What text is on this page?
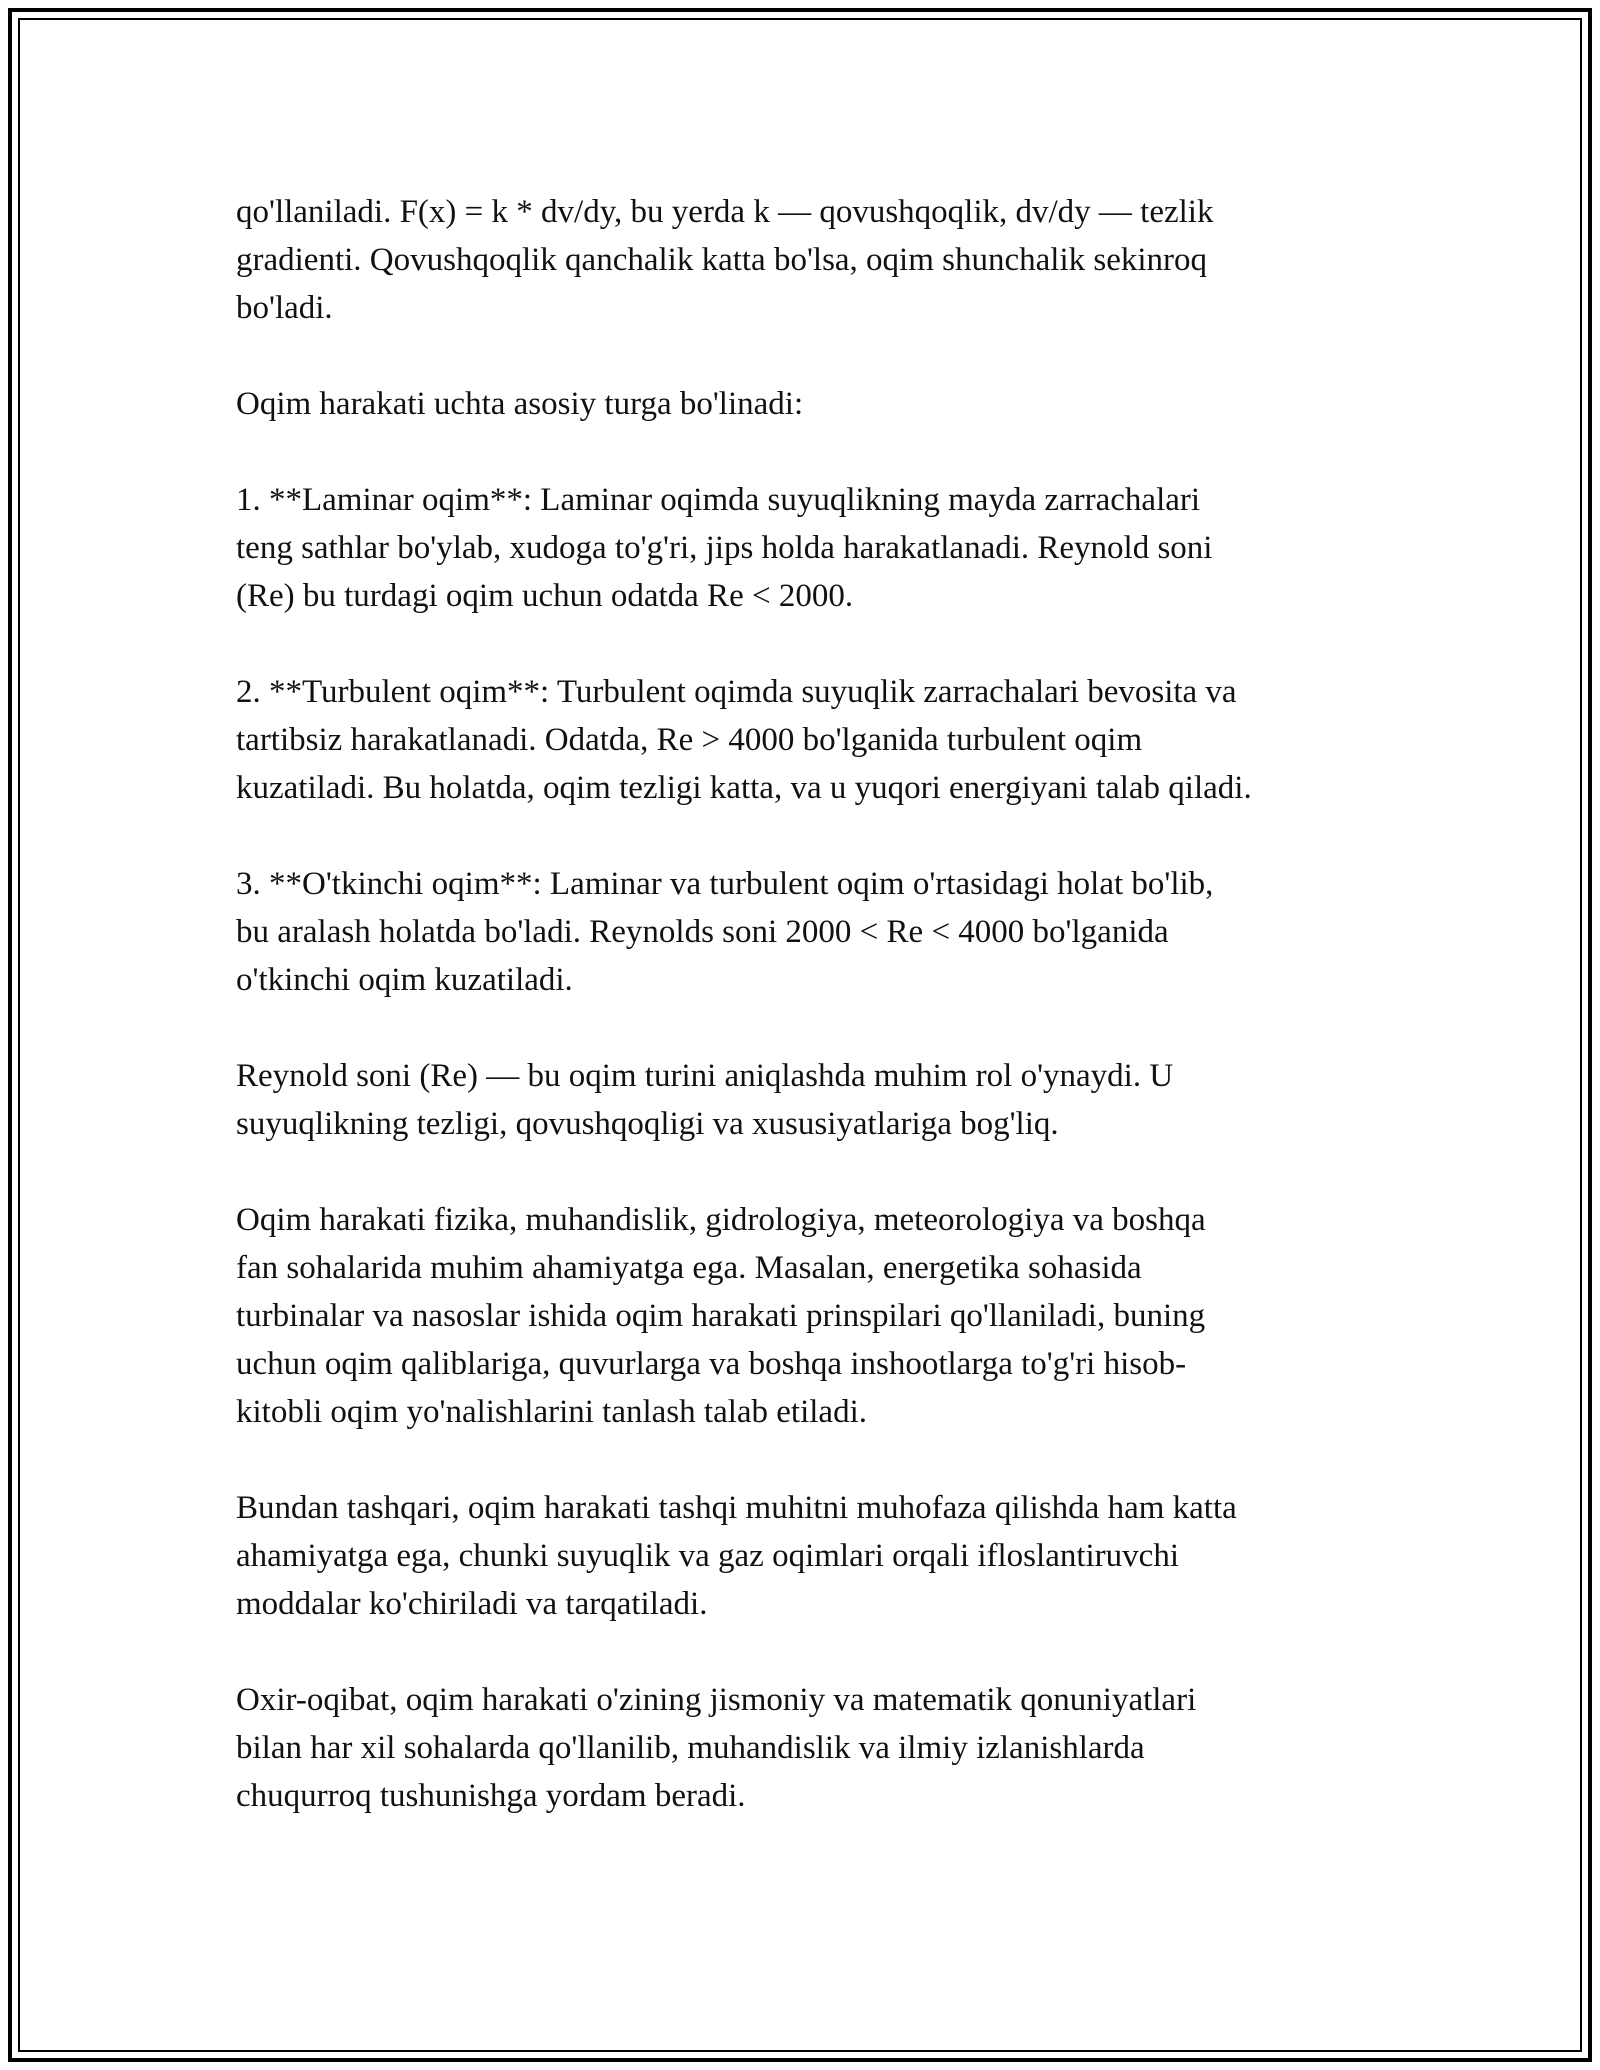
qo'llaniladi. F(x) = k * dv/dy, bu yerda k — qovushqoqlik, dv/dy — tezlik
gradienti. Qovushqoqlik qanchalik katta bo'lsa, oqim shunchalik sekinroq
bo'ladi.

Oqim harakati uchta asosiy turga bo'linadi:

1. **Laminar oqim**: Laminar oqimda suyuqlikning mayda zarrachalari
teng sathlar bo'ylab, xudoga to'g'ri, jips holda harakatlanadi. Reynold soni
(Re) bu turdagi oqim uchun odatda Re < 2000.

2. **Turbulent oqim**: Turbulent oqimda suyuqlik zarrachalari bevosita va
tartibsiz harakatlanadi. Odatda, Re > 4000 bo'lganida turbulent oqim
kuzatiladi. Bu holatda, oqim tezligi katta, va u yuqori energiyani talab qiladi.

3. **O'tkinchi oqim**: Laminar va turbulent oqim o'rtasidagi holat bo'lib,
bu aralash holatda bo'ladi. Reynolds soni 2000 < Re < 4000 bo'lganida
o'tkinchi oqim kuzatiladi.

Reynold soni (Re) — bu oqim turini aniqlashda muhim rol o'ynaydi. U
suyuqlikning tezligi, qovushqoqligi va xususiyatlariga bog'liq.

Oqim harakati fizika, muhandislik, gidrologiya, meteorologiya va boshqa
fan sohalarida muhim ahamiyatga ega. Masalan, energetika sohasida
turbinalar va nasoslar ishida oqim harakati prinspilari qo'llaniladi, buning
uchun oqim qaliblariga, quvurlarga va boshqa inshootlarga to'g'ri hisob-
kitobli oqim yo'nalishlarini tanlash talab etiladi.

Bundan tashqari, oqim harakati tashqi muhitni muhofaza qilishda ham katta
ahamiyatga ega, chunki suyuqlik va gaz oqimlari orqali ifloslantiruvchi
moddalar ko'chiriladi va tarqatiladi.

Oxir-oqibat, oqim harakati o'zining jismoniy va matematik qonuniyatlari
bilan har xil sohalarda qo'llanilib, muhandislik va ilmiy izlanishlarda
chuqurroq tushunishga yordam beradi.
